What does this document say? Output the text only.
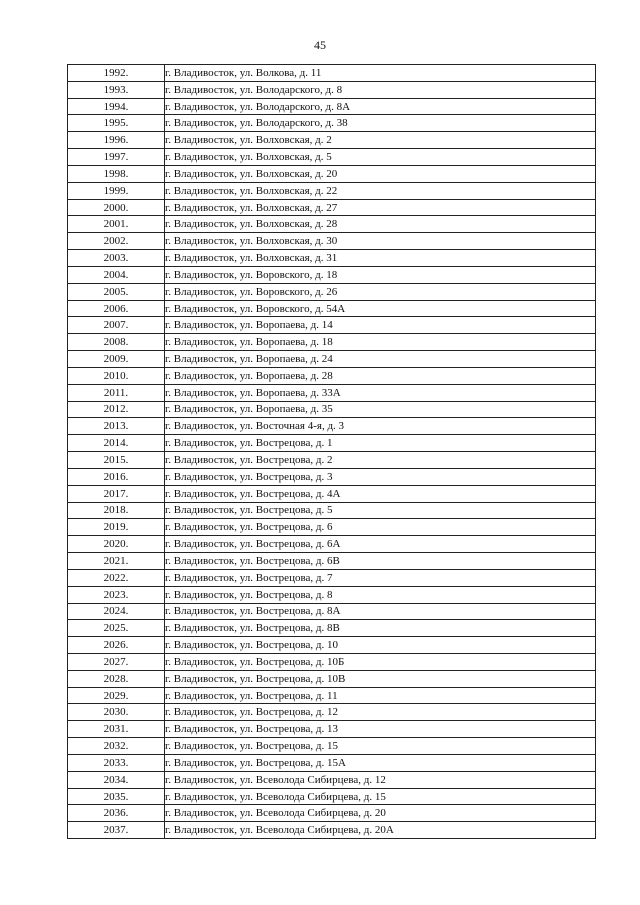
45
1992.	г. Владивосток, ул. Волкова, д. 11
1993.	г. Владивосток, ул. Володарского, д. 8
1994.	г. Владивосток, ул. Володарского, д. 8А
1995.	г. Владивосток, ул. Володарского, д. 38
1996.	г. Владивосток, ул. Волховская, д. 2
1997.	г. Владивосток, ул. Волховская, д. 5
1998.	г. Владивосток, ул. Волховская, д. 20
1999.	г. Владивосток, ул. Волховская, д. 22
2000.	г. Владивосток, ул. Волховская, д. 27
2001.	г. Владивосток, ул. Волховская, д. 28
2002.	г. Владивосток, ул. Волховская, д. 30
2003.	г. Владивосток, ул. Волховская, д. 31
2004.	г. Владивосток, ул. Воровского, д. 18
2005.	г. Владивосток, ул. Воровского, д. 26
2006.	г. Владивосток, ул. Воровского, д. 54А
2007.	г. Владивосток, ул. Воропаева, д. 14
2008.	г. Владивосток, ул. Воропаева, д. 18
2009.	г. Владивосток, ул. Воропаева, д. 24
2010.	г. Владивосток, ул. Воропаева, д. 28
2011.	г. Владивосток, ул. Воропаева, д. 33А
2012.	г. Владивосток, ул. Воропаева, д. 35
2013.	г. Владивосток, ул. Восточная 4-я, д. 3
2014.	г. Владивосток, ул. Вострецова, д. 1
2015.	г. Владивосток, ул. Вострецова, д. 2
2016.	г. Владивосток, ул. Вострецова, д. 3
2017.	г. Владивосток, ул. Вострецова, д. 4А
2018.	г. Владивосток, ул. Вострецова, д. 5
2019.	г. Владивосток, ул. Вострецова, д. 6
2020.	г. Владивосток, ул. Вострецова, д. 6А
2021.	г. Владивосток, ул. Вострецова, д. 6В
2022.	г. Владивосток, ул. Вострецова, д. 7
2023.	г. Владивосток, ул. Вострецова, д. 8
2024.	г. Владивосток, ул. Вострецова, д. 8А
2025.	г. Владивосток, ул. Вострецова, д. 8В
2026.	г. Владивосток, ул. Вострецова, д. 10
2027.	г. Владивосток, ул. Вострецова, д. 10Б
2028.	г. Владивосток, ул. Вострецова, д. 10В
2029.	г. Владивосток, ул. Вострецова, д. 11
2030.	г. Владивосток, ул. Вострецова, д. 12
2031.	г. Владивосток, ул. Вострецова, д. 13
2032.	г. Владивосток, ул. Вострецова, д. 15
2033.	г. Владивосток, ул. Вострецова, д. 15А
2034.	г. Владивосток, ул. Всеволода Сибирцева, д. 12
2035.	г. Владивосток, ул. Всеволода Сибирцева, д. 15
2036.	г. Владивосток, ул. Всеволода Сибирцева, д. 20
2037.	г. Владивосток, ул. Всеволода Сибирцева, д. 20А
